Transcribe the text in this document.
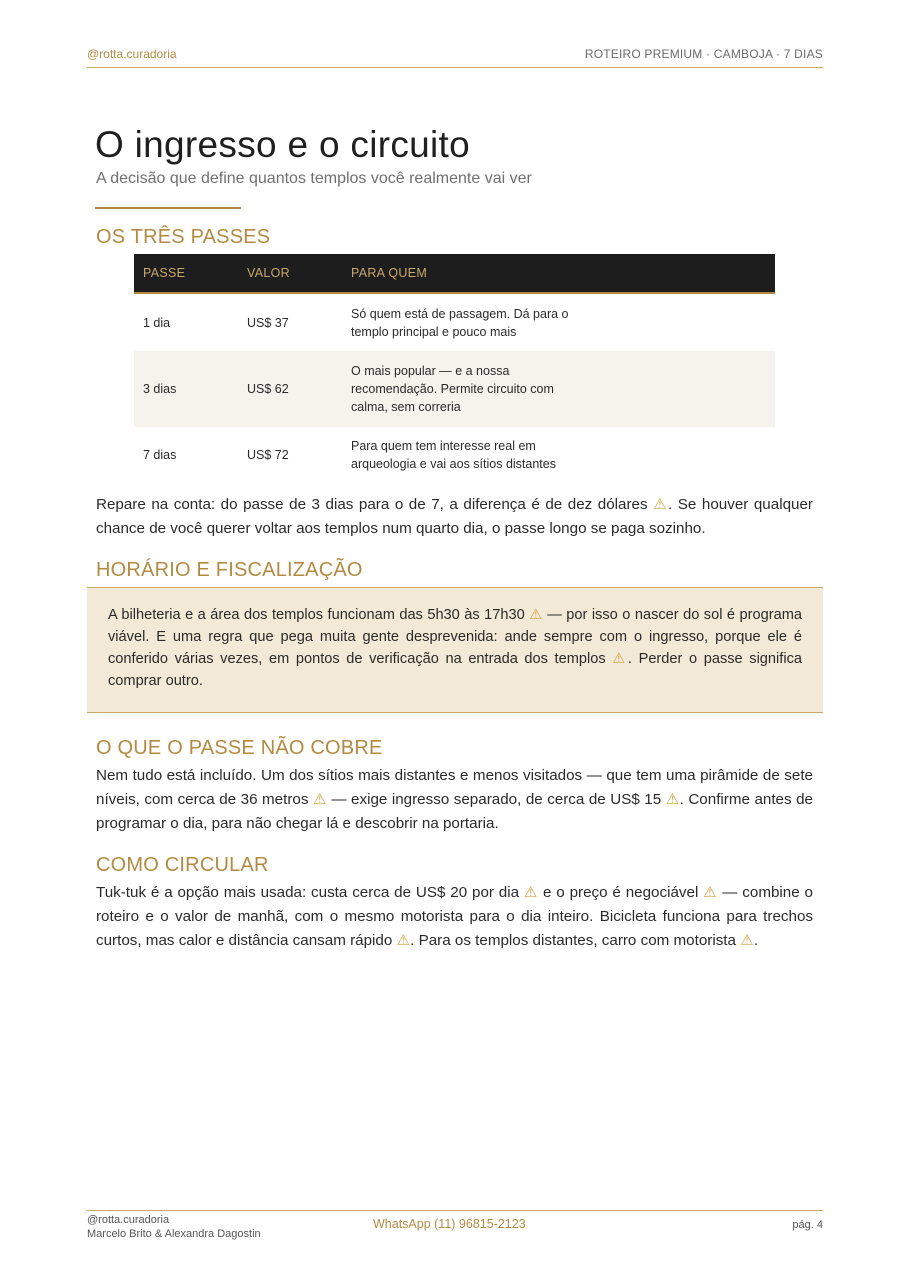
@rotta.curadoria	ROTEIRO PREMIUM · CAMBOJA · 7 DIAS
O ingresso e o circuito
A decisão que define quantos templos você realmente vai ver
OS TRÊS PASSES
PASSE	VALOR	PARA QUEM
1 dia	US$ 37	Só quem está de passagem. Dá para o templo principal e pouco mais
3 dias	US$ 62	O mais popular — e a nossa recomendação. Permite circuito com calma, sem correria
7 dias	US$ 72	Para quem tem interesse real em arqueologia e vai aos sítios distantes

Repare na conta: do passe de 3 dias para o de 7, a diferença é de dez dólares ⚠. Se houver qualquer chance de você querer voltar aos templos num quarto dia, o passe longo se paga sozinho.

HORÁRIO E FISCALIZAÇÃO

A bilheteria e a área dos templos funcionam das 5h30 às 17h30 ⚠ — por isso o nascer do sol é programa viável. E uma regra que pega muita gente desprevenida: ande sempre com o ingresso, porque ele é conferido várias vezes, em pontos de verificação na entrada dos templos ⚠. Perder o passe significa comprar outro.

O QUE O PASSE NÃO COBRE

Nem tudo está incluído. Um dos sítios mais distantes e menos visitados — que tem uma pirâmide de sete níveis, com cerca de 36 metros ⚠ — exige ingresso separado, de cerca de US$ 15 ⚠. Confirme antes de programar o dia, para não chegar lá e descobrir na portaria.

COMO CIRCULAR

Tuk-tuk é a opção mais usada: custa cerca de US$ 20 por dia ⚠ e o preço é negociável ⚠ — combine o roteiro e o valor de manhã, com o mesmo motorista para o dia inteiro. Bicicleta funciona para trechos curtos, mas calor e distância cansam rápido ⚠. Para os templos distantes, carro com motorista ⚠.

@rotta.curadoria
Marcelo Brito & Alexandra Dagostin
WhatsApp (11) 96815-2123	pág. 4
